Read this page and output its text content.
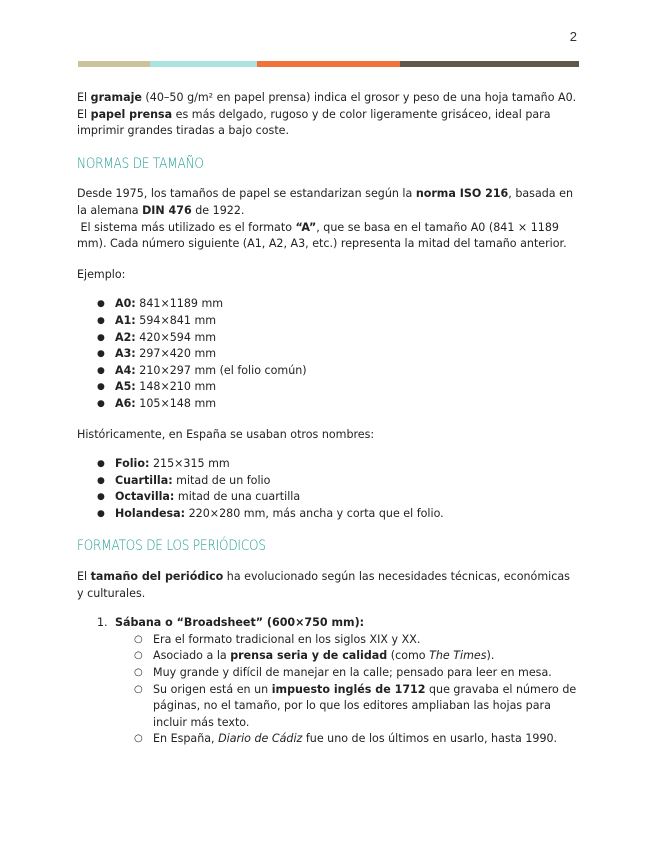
2

El gramaje (40–50 g/m² en papel prensa) indica el grosor y peso de una hoja tamaño A0. El papel prensa es más delgado, rugoso y de color ligeramente grisáceo, ideal para imprimir grandes tiradas a bajo coste.

NORMAS DE TAMAÑO

Desde 1975, los tamaños de papel se estandarizan según la norma ISO 216, basada en la alemana DIN 476 de 1922.

El sistema más utilizado es el formato “A”, que se basa en el tamaño A0 (841 × 1189 mm). Cada número siguiente (A1, A2, A3, etc.) representa la mitad del tamaño anterior.

Ejemplo:

● A0: 841×1189 mm
● A1: 594×841 mm
● A2: 420×594 mm
● A3: 297×420 mm
● A4: 210×297 mm (el folio común)
● A5: 148×210 mm
● A6: 105×148 mm

Históricamente, en España se usaban otros nombres:

● Folio: 215×315 mm
● Cuartilla: mitad de un folio
● Octavilla: mitad de una cuartilla
● Holandesa: 220×280 mm, más ancha y corta que el folio.
FORMATOS DE LOS PERIÓDICOS

El tamaño del periódico ha evolucionado según las necesidades técnicas, económicas y culturales.

1. Sábana o “Broadsheet” (600×750 mm):
○ Era el formato tradicional en los siglos XIX y XX.
○ Asociado a la prensa seria y de calidad (como The Times).
○ Muy grande y difícil de manejar en la calle; pensado para leer en mesa.
○ Su origen está en un impuesto inglés de 1712 que gravaba el número de páginas, no el tamaño, por lo que los editores ampliaban las hojas para incluir más texto.
○ En España, Diario de Cádiz fue uno de los últimos en usarlo, hasta 1990.
